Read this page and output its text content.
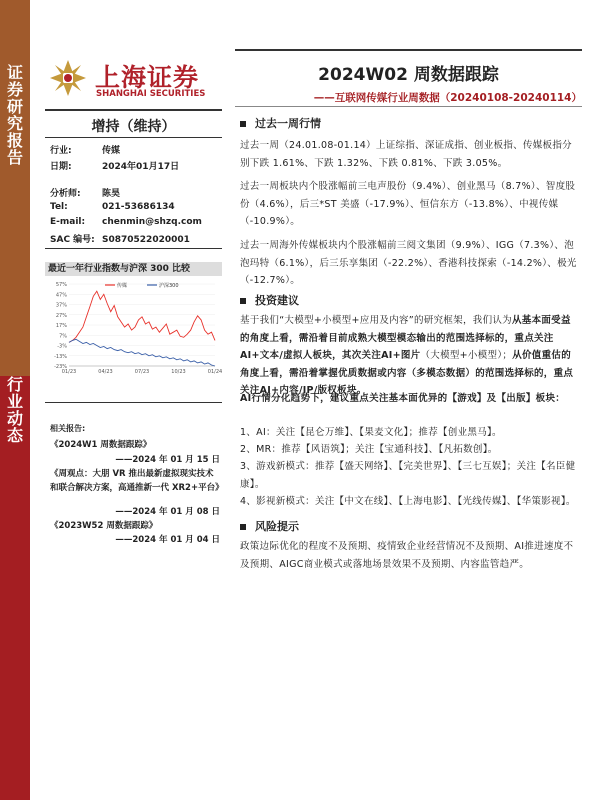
证券研究报告
行业动态
上海证券
SHANGHAI SECURITIES
2024W02 周数据跟踪
——互联网传媒行业周数据（20240108-20240114）
增持（维持）
行业:	传媒
日期:	2024年01月17日
分析师: 陈昊
Tel:	021-53686134
E-mail: chenmin@shzq.com
SAC 编号: S0870522020001
最近一年行业指数与沪深 300 比较
57%
47%
37%
27%
17%
7%
-3%
-13%
-23%
01/23	04/23	07/23	10/23	01/24
传媒	沪深300
相关报告:
《2024W1 周数据跟踪》
——2024 年 01 月 15 日
《周观点：大朋 VR 推出最新虚拟现实技术和联合解决方案，高通推新一代 XR2+平台》
——2024 年 01 月 08 日
《2023W52 周数据跟踪》
——2024 年 01 月 04 日
过去一周行情
过去一周（24.01.08-01.14）上证综指、深证成指、创业板指、传媒板指分别下跌 1.61%、下跌 1.32%、下跌 0.81%、下跌 3.05%。
过去一周板块内个股涨幅前三电声股份（9.4%）、创业黑马（8.7%）、智度股份（4.6%），后三*ST 美盛（-17.9%）、恒信东方（-13.8%）、中视传媒（-10.9%）。
过去一周海外传媒板块内个股涨幅前三阅文集团（9.9%）、IGG（7.3%）、泡泡玛特（6.1%），后三乐享集团（-22.2%）、香港科技探索（-14.2%）、极光（-12.7%）。
投资建议
基于我们“大模型+小模型+应用及内容”的研究框架，我们认为从基本面受益的角度上看，需沿着目前成熟大模型模态输出的范围选择标的，重点关注AI+文本/虚拟人板块，其次关注AI+图片（大模型+小模型）；从价值重估的角度上看，需沿着掌握优质数据或内容（多模态数据）的范围选择标的，重点关注AI+内容/IP/版权板块。
AI行情分化趋势下，建议重点关注基本面优异的【游戏】及【出版】板块：
1、AI：关注【昆仑万维】、【果麦文化】；推荐【创业黑马】。
2、MR：推荐【风语筑】；关注【宝通科技】、【凡拓数创】。
3、游戏新模式：推荐【盛天网络】、【完美世界】、【三七互娱】；关注【名臣健康】。
4、影视新模式：关注【中文在线】、【上海电影】、【光线传媒】、【华策影视】。
风险提示
政策边际优化的程度不及预期、疫情致企业经营情况不及预期、AI推进速度不及预期、AIGC商业模式或落地场景效果不及预期、内容监管趋严。
